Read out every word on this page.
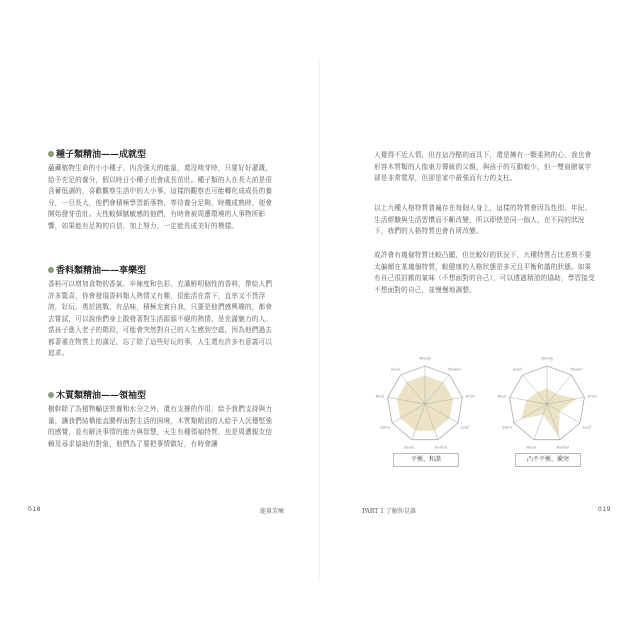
種子類精油——成就型

蘊藏植物生命的小小種子，內含強大的能量，還沒萌芽時，只要好好灌溉，給予充足的養分，假以時日小種子也會成長茁壯。種子類的人在長大前是很含蓄低調的，喜歡觀察生活中的大小事，這樣的觀察也可能轉化成成長的養分，一旦長大，他們會積極學習新事物，等待養分足夠、時機成熟時，便會開始發芽茁壯。天性較細膩敏感的他們，有時會被周遭環境的人事物所影響，如果能有足夠的自信，加上努力，一定能長成美好的模樣。

香料類精油——享樂型

香料可以增加食物的香氣、辛辣度和色彩，充滿鮮明個性的香料，帶給人們許多驚喜，你會發現香料類人熱情又有趣，很能活在當下，直率又不畏浮誇，好玩、勇於挑戰、有品味，積極充實自我，只要是他們感興趣的，都會去嘗試，可以說他們身上散發著對生活源源不絕的熱情，是充滿魅力的人。當孩子進入老子的階段，可能會突然對自己的人生感到空虛，因為他們過去都著重在物質上的滿足，忘了除了這些好玩的事，人生還有許多有意義可以追求。

木質類精油——領袖型

樹幹除了為植物輸送營養和水分之外，還有支撐的作用，給予我們支持與力量，讓我們結構能直腰桿面對生活的困境，木質類精油的人給予人沉穩堅強的感覺，並有解決事情的能力與智慧，天生有種領袖特質，也是周遭親友信賴及尋求協助的對象，他們為了要把事情做好，有時會讓

018	能量芳療

人覺得不近人情，但在這冷酷的面具下，還是擁有一顆柔熱的心，我也會形容木質類的人像東方傳統的父親，與孩子的互動較少，但一雙肩膀氣宇卻是非常寬厚，但卻是家中最強而有力的支柱。

以上九種人格特質普遍存在每個人身上，這樣的特質會因為性別、年紀、生活經驗與生活習慣而不斷改變，所以即使是同一個人，在不同的狀況下，我們的人格特質也會有所改變。

或許會有幾個特質比較凸顯，但比較好的狀況下，九種特質占比差異不要太偏頗在某幾個特質，較健康的人格狀態是多元且平衡和諧的狀態。如果有自己很討厭的氣味（不想面對的自己），可以透過精油的協助，學習接受不想面對的自己，並慢慢地調整。

Woody
Flower
Fruit
Leaf
Herbal
Resin
Spice
Root
Seed
Woody
Flower
Fruit
Leaf
Herbal
Resin
Spice
Root
Seed
平衡、和諧	凸不平衡、衝突
PART 1 了解你是誰	019
